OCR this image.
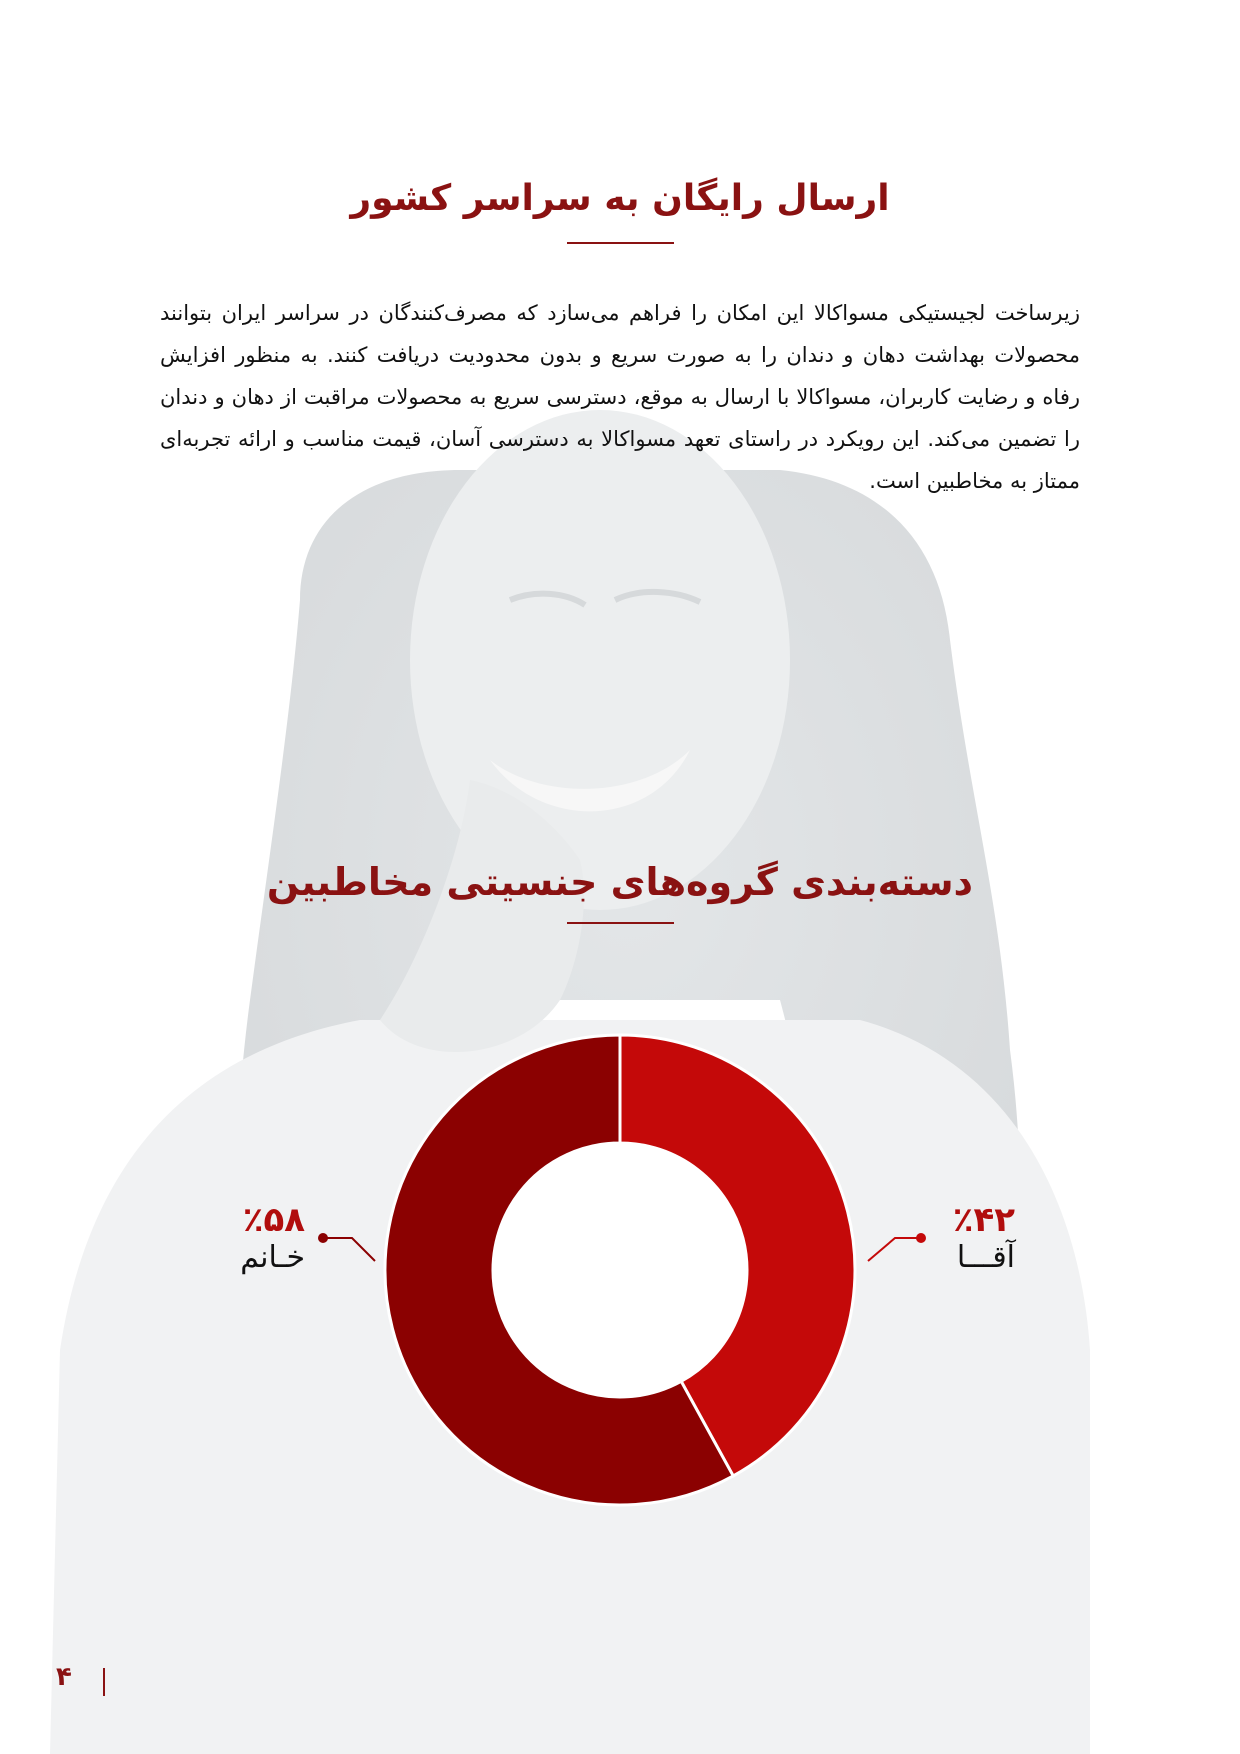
ارسال رایگان به سراسر کشور
زیرساخت لجیستیکی مسواکالا این امکان را فراهم می‌سازد که مصرف‌کنندگان در سراسر ایران بتوانند محصولات بهداشت دهان و دندان را به صورت سریع و بدون محدودیت دریافت کنند. به منظور افزایش رفاه و رضایت کاربران، مسواکالا با ارسال به موقع، دسترسی سریع به محصولات مراقبت از دهان و دندان را تضمین می‌کند. این رویکرد در راستای تعهد مسواکالا به دسترسی آسان، قیمت مناسب و ارائه تجربه‌ای ممتاز به مخاطبین است.
دسته‌بندی گروه‌های جنسیتی مخاطبین
٪۴۲
آقـــا
٪۵۸
خـانم
۴
